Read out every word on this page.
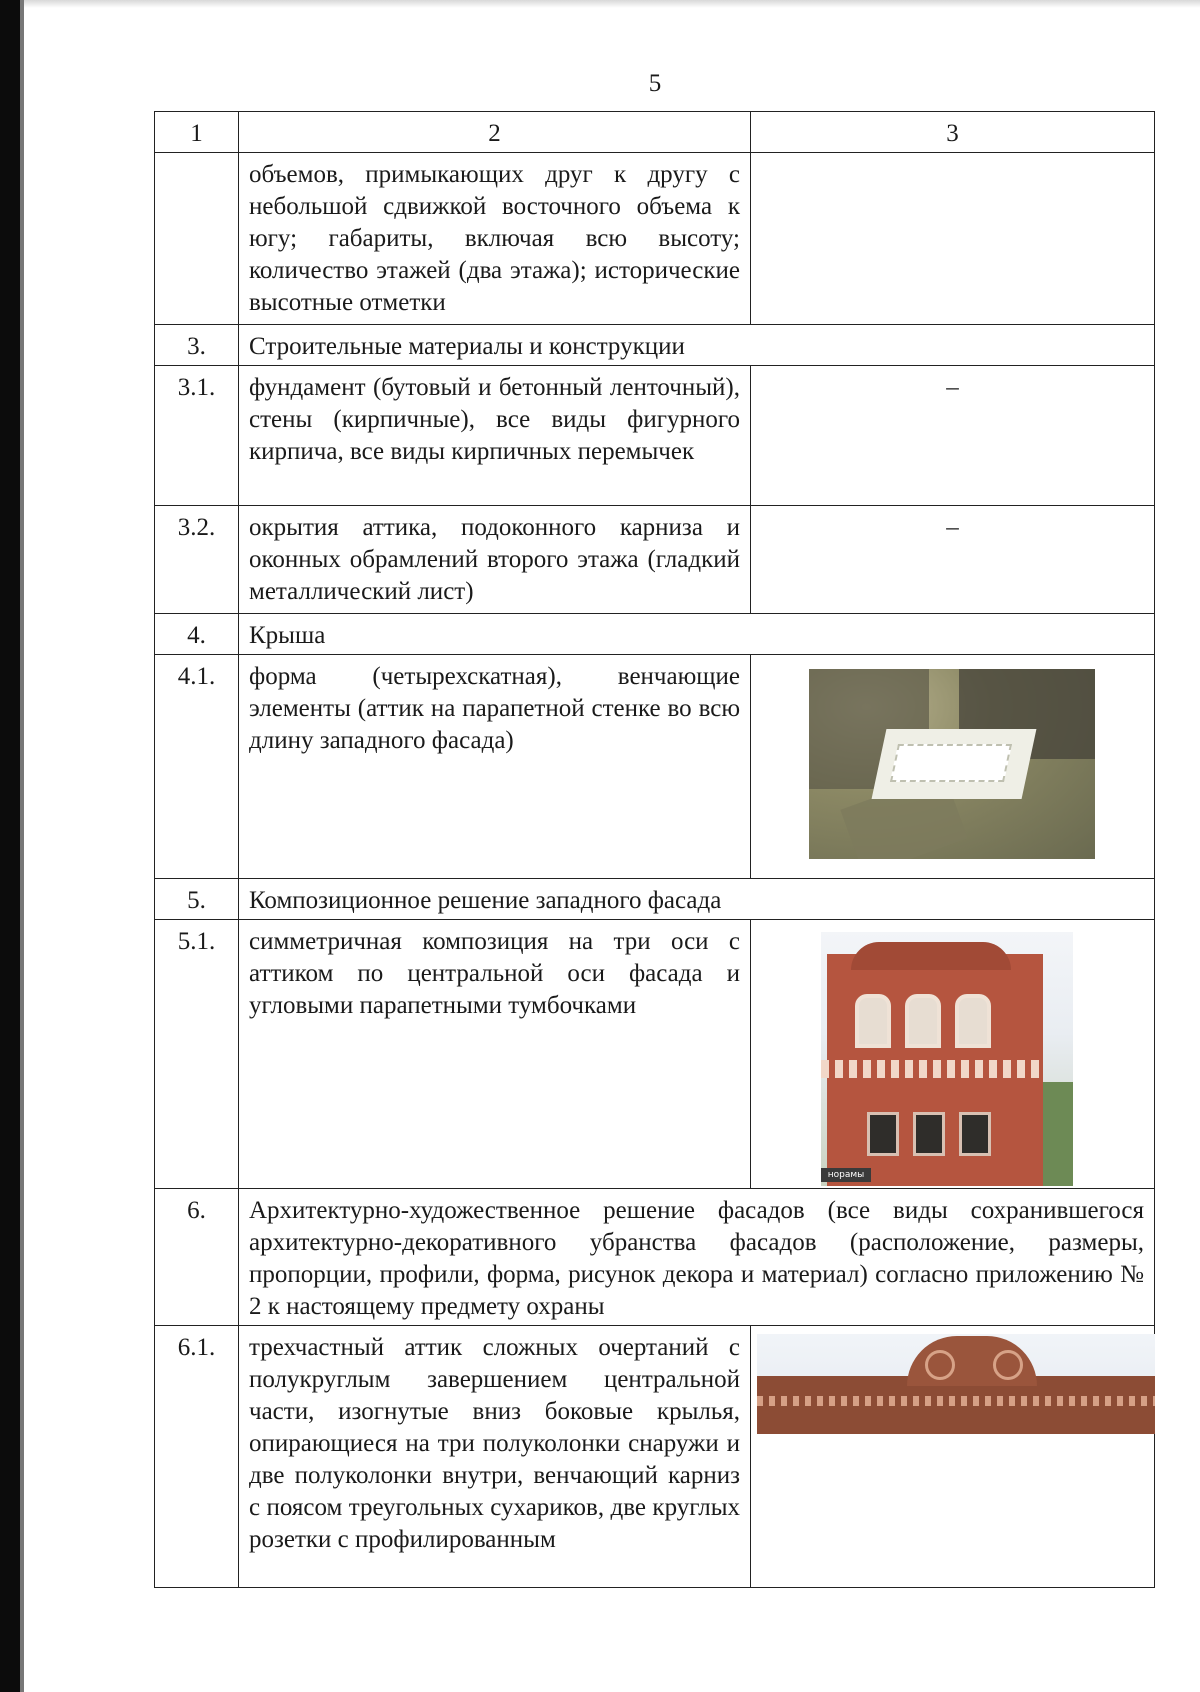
5
1	2	3
	объемов, примыкающих друг к другу с небольшой сдвижкой восточного объема к югу; габариты, включая всю высоту; количество этажей (два этажа); исторические высотные отметки	
3.	Строительные материалы и конструкции	
3.1.	фундамент (бутовый и бетонный ленточный), стены (кирпичные), все виды фигурного кирпича, все виды кирпичных перемычек	–

3.2.	окрытия аттика, подоконного карниза и оконных обрамлений второго этажа (гладкий металлический лист)	–

4.	Крыша	
4.1.	форма (четырехскатная), венчающие элементы (аттик на парапетной стенке во всю длину западного фасада)	

5.	Композиционное решение западного фасада	
5.1.	симметричная композиция на три оси с аттиком по центральной оси фасада и угловыми парапетными тумбочками	норамы

6.	Архитектурно-художественное решение фасадов (все виды сохранившегося архитектурно-декоративного убранства фасадов (расположение, размеры, пропорции, профили, форма, рисунок декора и материал) согласно приложению № 2 к настоящему предмету охраны	
6.1.	трехчастный аттик сложных очертаний с полукруглым завершением центральной части, изогнутые вниз боковые крылья, опирающиеся на три полуколонки снаружи и две полуколонки внутри, венчающий карниз с поясом треугольных сухариков, две круглых розетки с профилированным	
